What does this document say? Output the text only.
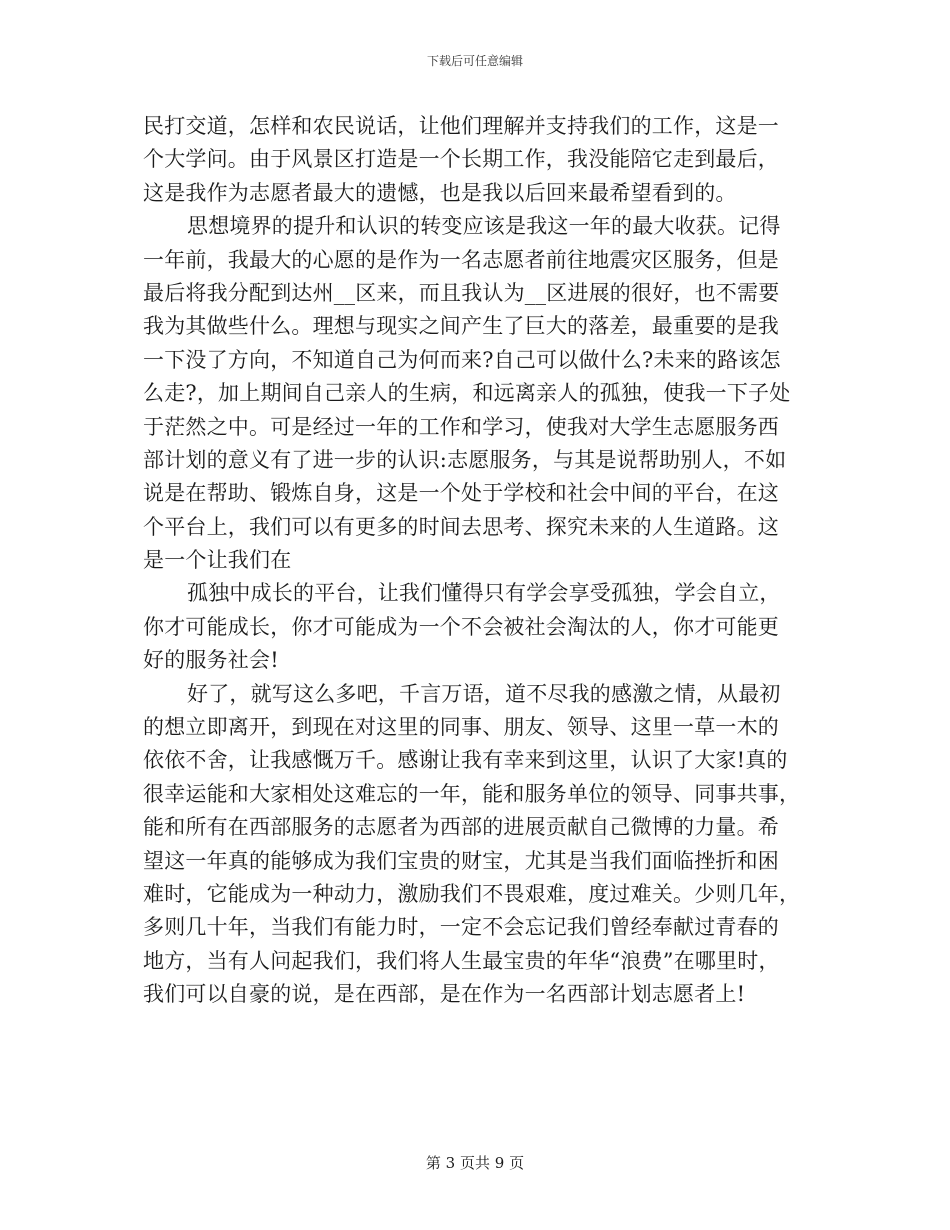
下载后可任意编辑
民打交道，怎样和农民说话，让他们理解并支持我们的工作，这是一
个大学问。由于风景区打造是一个长期工作，我没能陪它走到最后，
这是我作为志愿者最大的遗憾，也是我以后回来最希望看到的。
思想境界的提升和认识的转变应该是我这一年的最大收获。记得
一年前，我最大的心愿的是作为一名志愿者前往地震灾区服务，但是
最后将我分配到达州__区来，而且我认为__区进展的很好，也不需要
我为其做些什么。理想与现实之间产生了巨大的落差，最重要的是我
一下没了方向，不知道自己为何而来?自己可以做什么?未来的路该怎
么走?，加上期间自己亲人的生病，和远离亲人的孤独，使我一下子处
于茫然之中。可是经过一年的工作和学习，使我对大学生志愿服务西
部计划的意义有了进一步的认识:志愿服务，与其是说帮助别人，不如
说是在帮助、锻炼自身，这是一个处于学校和社会中间的平台，在这
个平台上，我们可以有更多的时间去思考、探究未来的人生道路。这
是一个让我们在
孤独中成长的平台，让我们懂得只有学会享受孤独，学会自立，
你才可能成长，你才可能成为一个不会被社会淘汰的人，你才可能更
好的服务社会!
好了，就写这么多吧，千言万语，道不尽我的感激之情，从最初
的想立即离开，到现在对这里的同事、朋友、领导、这里一草一木的
依依不舍，让我感慨万千。感谢让我有幸来到这里，认识了大家!真的
很幸运能和大家相处这难忘的一年，能和服务单位的领导、同事共事，
能和所有在西部服务的志愿者为西部的进展贡献自己微博的力量。希
望这一年真的能够成为我们宝贵的财宝，尤其是当我们面临挫折和困
难时，它能成为一种动力，激励我们不畏艰难，度过难关。少则几年，
多则几十年，当我们有能力时，一定不会忘记我们曾经奉献过青春的
地方，当有人问起我们，我们将人生最宝贵的年华“浪费”在哪里时，
我们可以自豪的说，是在西部，是在作为一名西部计划志愿者上!
第 3 页共 9 页
